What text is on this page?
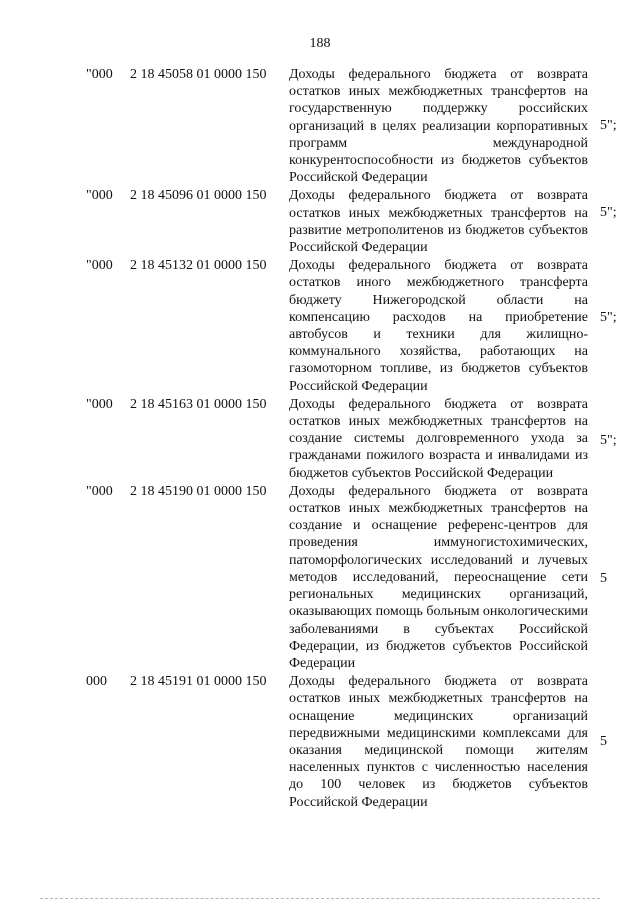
188
"000 2 18 45058 01 0000 150 Доходы федерального бюджета от возврата остатков иных межбюджетных трансфертов на государственную поддержку российских организаций в целях реализации корпоративных программ международной конкурентоспособности из бюджетов субъектов Российской Федерации
5";
"000 2 18 45096 01 0000 150 Доходы федерального бюджета от возврата остатков иных межбюджетных трансфертов на развитие метрополитенов из бюджетов субъектов Российской Федерации
5";
"000 2 18 45132 01 0000 150 Доходы федерального бюджета от возврата остатков иного межбюджетного трансферта бюджету Нижегородской области на компенсацию расходов на приобретение автобусов и техники для жилищно-коммунального хозяйства, работающих на газомоторном топливе, из бюджетов субъектов Российской Федерации
5";
"000 2 18 45163 01 0000 150 Доходы федерального бюджета от возврата остатков иных межбюджетных трансфертов на создание системы долговременного ухода за гражданами пожилого возраста и инвалидами из бюджетов субъектов Российской Федерации
5";
"000 2 18 45190 01 0000 150 Доходы федерального бюджета от возврата остатков иных межбюджетных трансфертов на создание и оснащение референс-центров для проведения иммуногистохимических, патоморфологических исследований и лучевых методов исследований, переоснащение сети региональных медицинских организаций, оказывающих помощь больным онкологическими заболеваниями в субъектах Российской Федерации, из бюджетов субъектов Российской Федерации
5
000 2 18 45191 01 0000 150 Доходы федерального бюджета от возврата остатков иных межбюджетных трансфертов на оснащение медицинских организаций передвижными медицинскими комплексами для оказания медицинской помощи жителям населенных пунктов с численностью населения до 100 человек из бюджетов субъектов Российской Федерации
5
